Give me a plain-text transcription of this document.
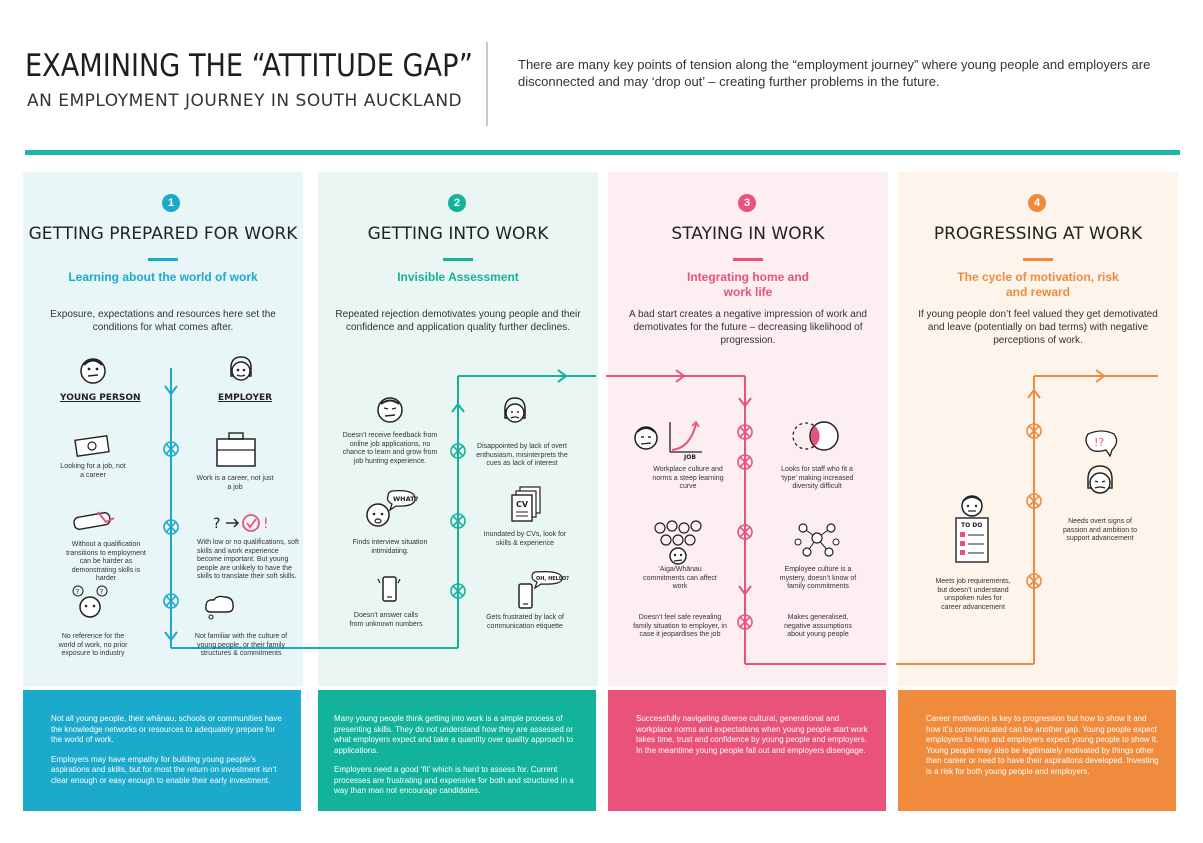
EXAMINING THE “ATTITUDE GAP”
AN EMPLOYMENT JOURNEY IN SOUTH AUCKLAND
There are many key points of tension along the “employment journey” where young people and employers are disconnected and may ‘drop out’ – creating further problems in the future.
1
GETTING PREPARED FOR WORK
Learning about the world of work
Exposure, expectations and resources here set the conditions for what comes after.
2
GETTING INTO WORK
Invisible Assessment
Repeated rejection demotivates young people and their confidence and application quality further declines.
3
STAYING IN WORK
Integrating home and work life
A bad start creates a negative impression of work and demotivates for the future – decreasing likelihood of progression.
4
PROGRESSING AT WORK
The cycle of motivation, risk and reward
If young people don’t feel valued they get demotivated and leave (potentially on bad terms) with negative perceptions of work.
YOUNG PERSON	EMPLOYER
Looking for a job, not a career	Work is a career, not just a job
Without a qualification transitions to employment can be harder as demonstrating skills is harder
?	!
With low or no qualifications, soft skills and work experience become important. But young people are unlikely to have the skills to translate their soft skills.
?	?
No reference for the world of work, no prior exposure to industry
Not familiar with the culture of young people, or their family structures & commitments
Doesn’t receive feedback from online job applications, no chance to learn and grow from job hunting experience.
Disappointed by lack of overt enthusiasm, misinterprets the cues as lack of interest
WHAT?
Finds interview situation intimidating.
CV
Inundated by CVs, look for skills & experience
Doesn’t answer calls from unknown numbers
OH, HELLO?
Gets frustrated by lack of communication etiquette
JOB
Workplace culture and norms a steep learning curve
Looks for staff who fit a ‘type’ making increased diversity difficult
‘Aiga/Whānau commitments can affect work
Employee culture is a mystery, doesn’t know of family commitments
Doesn’t feel safe revealing family situation to employer, in case it jeopardises the job
Makes generalised, negative assumptions about young people
!?
Needs overt signs of passion and ambition to support advancement
TO DO
Meets job requirements, but doesn’t understand unspoken rules for career advancement

Not all young people, their whānau, schools or communities have the knowledge networks or resources to adequately prepare for the world of work.

Employers may have empathy for building young people’s aspirations and skills, but for most the return on investment isn’t clear enough or easy enough to enable their early investment.

Many young people think getting into work is a simple process of presenting skills. They do not understand how they are assessed or what employers expect and take a quantity over quality approach to applications.

Employers need a good ‘fit’ which is hard to assess for. Current processes are frustrating and expensive for both and structured in a way than man not encourage candidates.

Successfully navigating diverse cultural, generational and workplace norms and expectations when young people start work takes time, trust and confidence by young people and employers. In the meantime young people fall out and employers disengage.

Career motivation is key to progression but how to show it and how it’s communicated can be another gap. Young people expect employers to help and employers expect young people to show it. Young people may also be legitimately motivated by things other than career or need to have their aspirations developed. Investing is a risk for both young people and employers.
